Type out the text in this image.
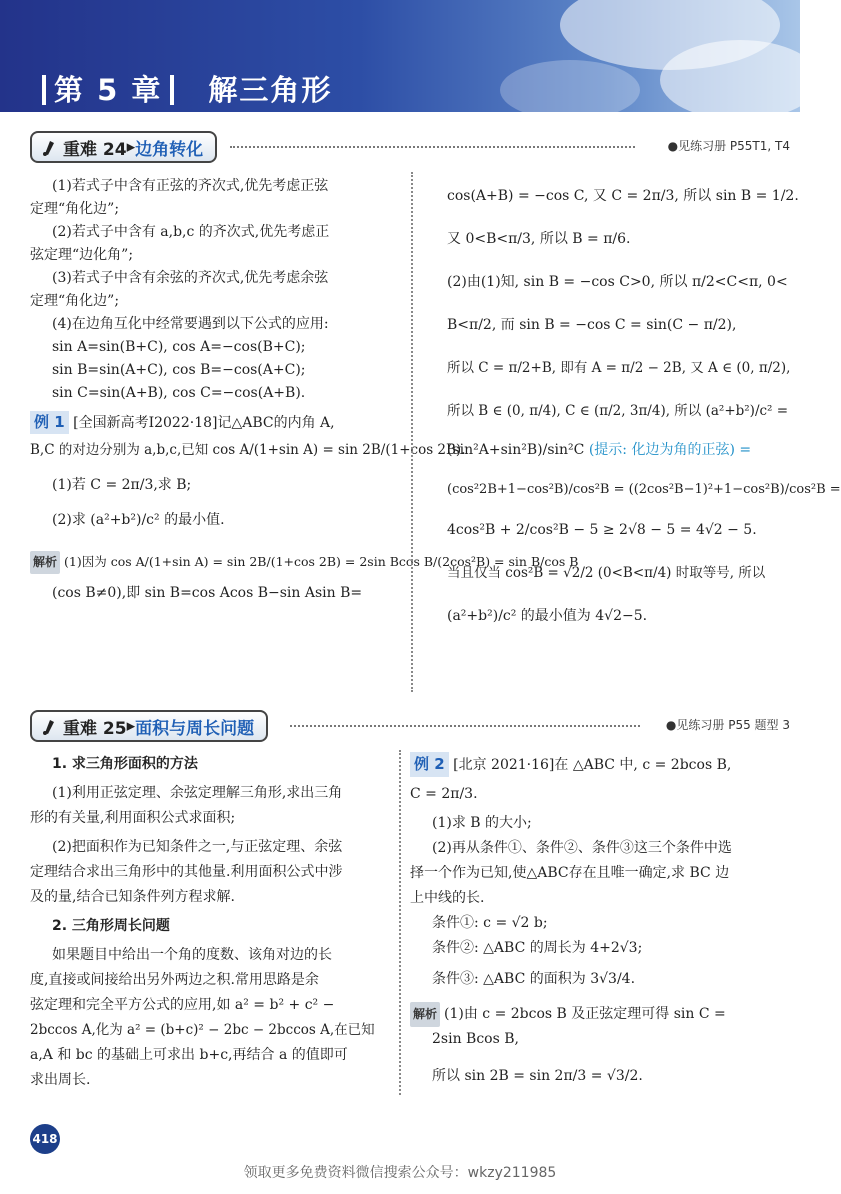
第 5 章 解三角形
重难 24 ▸ 边角转化	●见练习册 P55T1, T4

(1)若式子中含有正弦的齐次式,优先考虑正弦

定理“角化边”;

(2)若式子中含有 a,b,c 的齐次式,优先考虑正

弦定理“边化角”;

(3)若式子中含有余弦的齐次式,优先考虑余弦

定理“角化边”;

(4)在边角互化中经常要遇到以下公式的应用:

sin A=sin(B+C), cos A=−cos(B+C);

sin B=sin(A+C), cos B=−cos(A+C);

sin C=sin(A+B), cos C=−cos(A+B).

例 1 [全国新高考Ⅰ2022·18]记△ABC的内角 A,

B,C 的对边分别为 a,b,c,已知 cos A/(1+sin A) = sin 2B/(1+cos 2B).

(1)若 C = 2π/3,求 B;

(2)求 (a²+b²)/c² 的最小值.

解析 (1)因为 cos A/(1+sin A) = sin 2B/(1+cos 2B) = 2sin Bcos B/(2cos²B) = sin B/cos B

(cos B≠0),即 sin B=cos Acos B−sin Asin B=

cos(A+B) = −cos C, 又 C = 2π/3, 所以 sin B = 1/2.

又 0<B<π/3, 所以 B = π/6.

(2)由(1)知, sin B = −cos C>0, 所以 π/2<C<π, 0<

B<π/2, 而 sin B = −cos C = sin(C − π/2),

所以 C = π/2+B, 即有 A = π/2 − 2B, 又 A ∈ (0, π/2),

所以 B ∈ (0, π/4), C ∈ (π/2, 3π/4), 所以 (a²+b²)/c² =

(sin²A+sin²B)/sin²C (提示: 化边为角的正弦) =

(cos²2B+1−cos²B)/cos²B = ((2cos²B−1)²+1−cos²B)/cos²B =

4cos²B + 2/cos²B − 5 ≥ 2√8 − 5 = 4√2 − 5.

当且仅当 cos²B = √2/2 (0<B<π/4) 时取等号, 所以

(a²+b²)/c² 的最小值为 4√2−5.

重难 25 ▸ 面积与周长问题	●见练习册 P55 题型 3

1. 求三角形面积的方法

(1)利用正弦定理、余弦定理解三角形,求出三角

形的有关量,利用面积公式求面积;

(2)把面积作为已知条件之一,与正弦定理、余弦

定理结合求出三角形中的其他量.利用面积公式中涉

及的量,结合已知条件列方程求解.

2. 三角形周长问题

如果题目中给出一个角的度数、该角对边的长

度,直接或间接给出另外两边之积.常用思路是余

弦定理和完全平方公式的应用,如 a² = b² + c² −

2bccos A,化为 a² = (b+c)² − 2bc − 2bccos A,在已知

a,A 和 bc 的基础上可求出 b+c,再结合 a 的值即可

求出周长.

例 2 [北京 2021·16]在 △ABC 中, c = 2bcos B,

C = 2π/3.

(1)求 B 的大小;

(2)再从条件①、条件②、条件③这三个条件中选

择一个作为已知,使△ABC存在且唯一确定,求 BC 边

上中线的长.

条件①: c = √2 b;

条件②: △ABC 的周长为 4+2√3;

条件③: △ABC 的面积为 3√3/4.

解析 (1)由 c = 2bcos B 及正弦定理可得 sin C =

2sin Bcos B,

所以 sin 2B = sin 2π/3 = √3/2.

418
领取更多免费资料微信搜索公众号：wkzy211985
